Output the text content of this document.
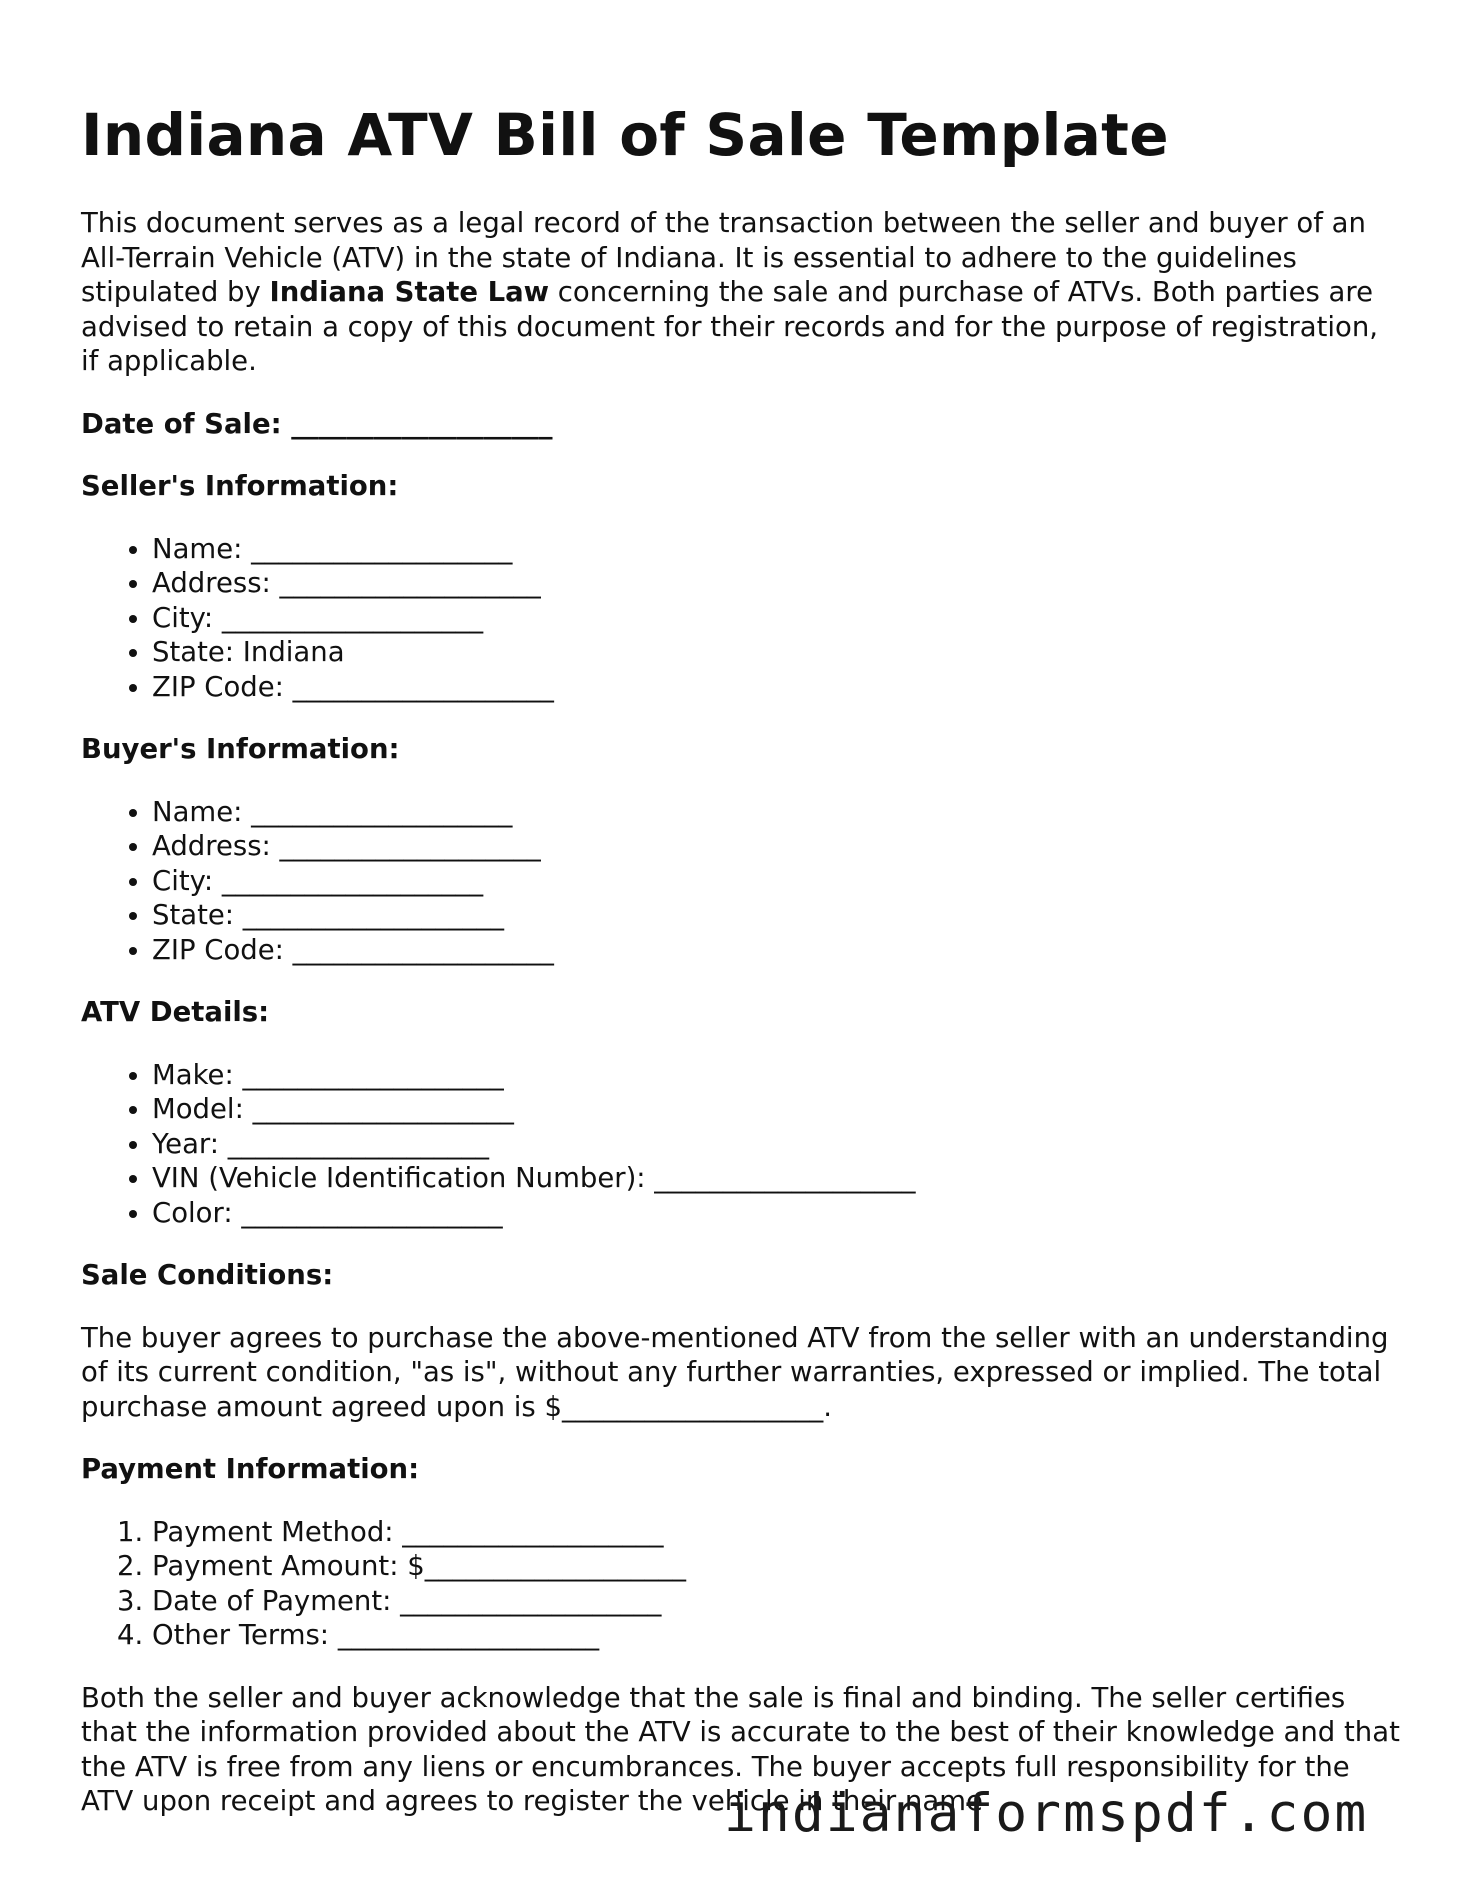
Indiana ATV Bill of Sale Template

This document serves as a legal record of the transaction between the seller and buyer of an All-Terrain Vehicle (ATV) in the state of Indiana. It is essential to adhere to the guidelines stipulated by Indiana State Law concerning the sale and purchase of ATVs. Both parties are advised to retain a copy of this document for their records and for the purpose of registration, if applicable.

Date of Sale: ___________________

Seller's Information:

• Name: ___________________
• Address: ___________________
• City: ___________________
• State: Indiana
• ZIP Code: ___________________

Buyer's Information:

• Name: ___________________
• Address: ___________________
• City: ___________________
• State: ___________________
• ZIP Code: ___________________

ATV Details:

• Make: ___________________
• Model: ___________________
• Year: ___________________
• VIN (Vehicle Identification Number): ___________________
• Color: ___________________

Sale Conditions:

The buyer agrees to purchase the above-mentioned ATV from the seller with an understanding of its current condition, "as is", without any further warranties, expressed or implied. The total purchase amount agreed upon is $___________________.

Payment Information:

1. Payment Method: ___________________
2. Payment Amount: $___________________
3. Date of Payment: ___________________
4. Other Terms: ___________________

Both the seller and buyer acknowledge that the sale is final and binding. The seller certifies that the information provided about the ATV is accurate to the best of their knowledge and that the ATV is free from any liens or encumbrances. The buyer accepts full responsibility for the ATV upon receipt and agrees to register the vehicle in their name

indianaformspdf.com
